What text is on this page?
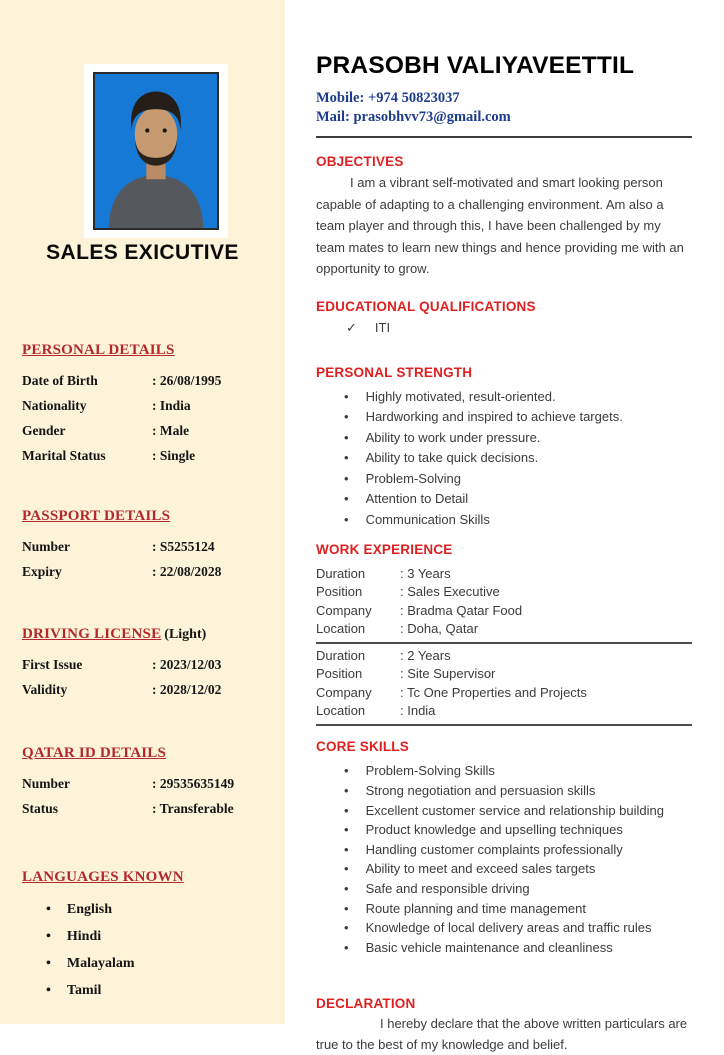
SALES EXICUTIVE
PERSONAL DETAILS
Date of Birth	: 26/08/1995
Nationality	: India
Gender	: Male
Marital Status	: Single
PASSPORT DETAILS
Number	: S5255124
Expiry	: 22/08/2028
DRIVING LICENSE (Light)
First Issue	: 2023/12/03
Validity	: 2028/12/02
QATAR ID DETAILS
Number	: 29535635149
Status	: Transferable
LANGUAGES KNOWN
• English
• Hindi
• Malayalam
• Tamil
PRASOBH VALIYAVEETTIL
Mobile: +974 50823037
Mail: prasobhvv73@gmail.com
OBJECTIVES

I am a vibrant self-motivated and smart looking person capable of adapting to a challenging environment. Am also a team player and through this, I have been challenged by my team mates to learn new things and hence providing me with an opportunity to grow.

EDUCATIONAL QUALIFICATIONS
✓ ITI
PERSONAL STRENGTH
• Highly motivated, result-oriented.
• Hardworking and inspired to achieve targets.
• Ability to work under pressure.
• Ability to take quick decisions.
• Problem-Solving
• Attention to Detail
• Communication Skills
WORK EXPERIENCE
Duration	: 3 Years
Position	: Sales Executive
Company	: Bradma Qatar Food
Location	: Doha, Qatar
Duration	: 2 Years
Position	: Site Supervisor
Company	: Tc One Properties and Projects
Location	: India
CORE SKILLS
• Problem-Solving Skills
• Strong negotiation and persuasion skills
• Excellent customer service and relationship building
• Product knowledge and upselling techniques
• Handling customer complaints professionally
• Ability to meet and exceed sales targets
• Safe and responsible driving
• Route planning and time management
• Knowledge of local delivery areas and traffic rules
• Basic vehicle maintenance and cleanliness
DECLARATION

I hereby declare that the above written particulars are true to the best of my knowledge and belief.
